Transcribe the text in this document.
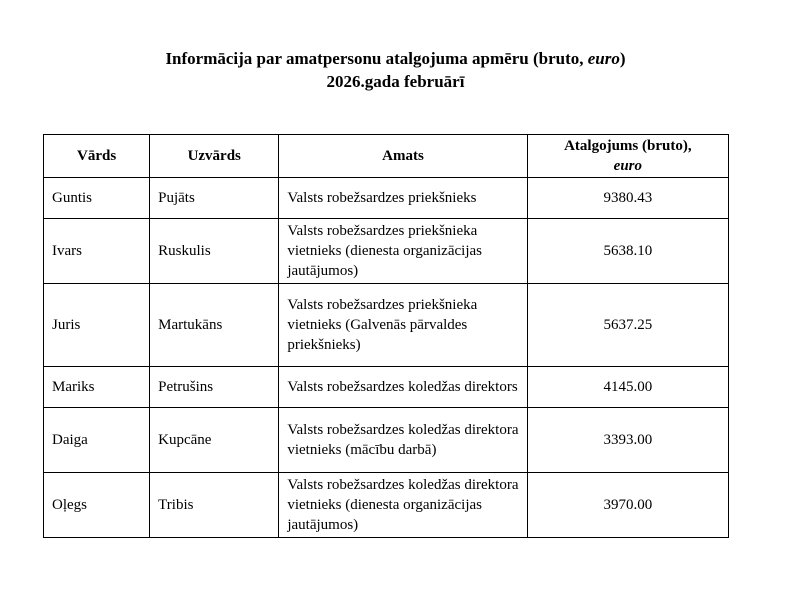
Informācija par amatpersonu atalgojuma apmēru (bruto, euro)
2026.gada februārī
Vārds	Uzvārds	Amats	Atalgojums (bruto),
euro
Guntis	Pujāts	Valsts robežsardzes priekšnieks	9380.43
Ivars	Ruskulis	Valsts robežsardzes priekšnieka vietnieks (dienesta organizācijas jautājumos)	5638.10
Juris	Martukāns	Valsts robežsardzes priekšnieka vietnieks (Galvenās pārvaldes priekšnieks)	5637.25
Mariks	Petrušins	Valsts robežsardzes koledžas direktors	4145.00
Daiga	Kupcāne	Valsts robežsardzes koledžas direktora vietnieks (mācību darbā)	3393.00
Oļegs	Tribis	Valsts robežsardzes koledžas direktora vietnieks (dienesta organizācijas jautājumos)	3970.00
